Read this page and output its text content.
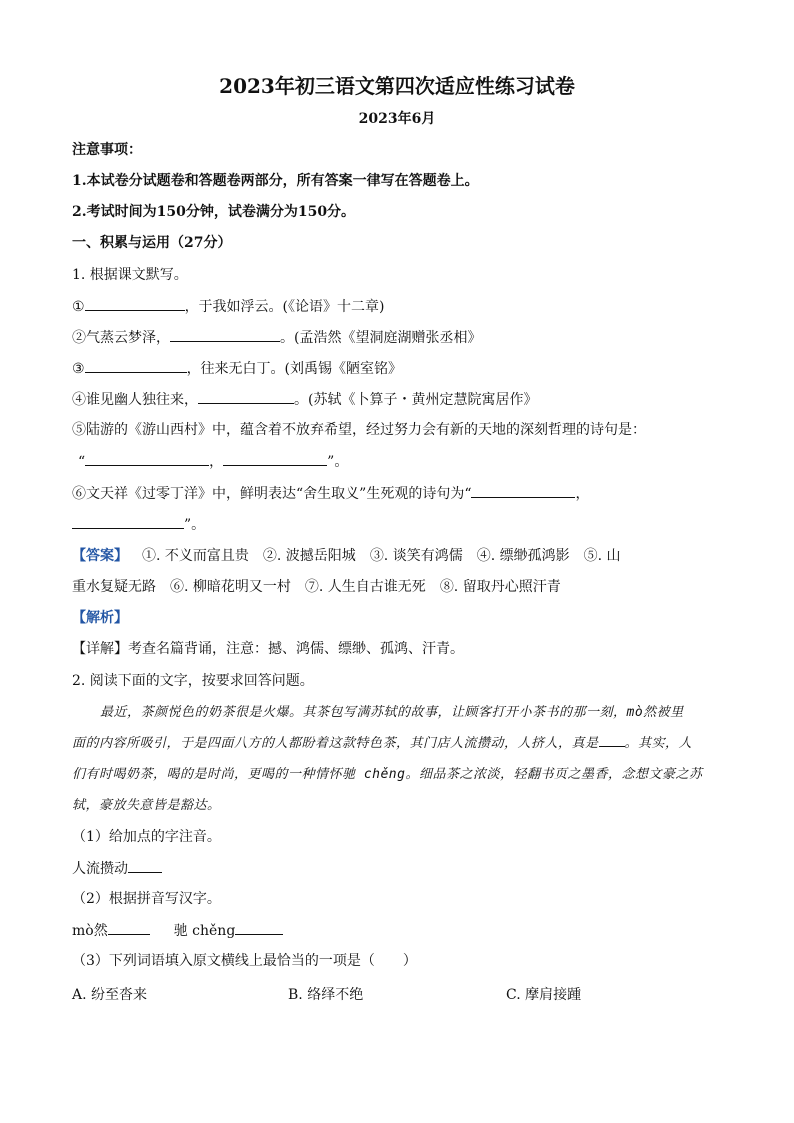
2023年初三语文第四次适应性练习试卷
2023年6月
注意事项：
1.本试卷分试题卷和答题卷两部分，所有答案一律写在答题卷上。
2.考试时间为150分钟，试卷满分为150分。
一、积累与运用（27分）
1. 根据课文默写。
①	，于我如浮云。(《论语》十二章)
②气蒸云梦泽，	。(孟浩然《望洞庭湖赠张丞相》
③	，往来无白丁。(刘禹锡《陋室铭》
④谁见幽人独往来，	。(苏轼《卜算子・黄州定慧院寓居作》
⑤陆游的《游山西村》中，蕴含着不放弃希望，经过努力会有新的天地的深刻哲理的诗句是：
“	，	”。
⑥文天祥《过零丁洋》中，鲜明表达“舍生取义”生死观的诗句为“	，
”。
【答案】 ①. 不义而富且贵 ②. 波撼岳阳城 ③. 谈笑有鸿儒 ④. 缥缈孤鸿影 ⑤. 山
重水复疑无路 ⑥. 柳暗花明又一村 ⑦. 人生自古谁无死 ⑧. 留取丹心照汗青
【解析】
【详解】考查名篇背诵，注意：撼、鸿儒、缥缈、孤鸿、汗青。
2. 阅读下面的文字，按要求回答问题。
最近，茶颜悦色的奶茶很是火爆。其茶包写满苏轼的故事，让顾客打开小茶书的那一刻，mò然被里
面的内容所吸引，于是四面八方的人都盼着这款特色茶，其门店人流攒动，人挤人，真是 。其实，人
们有时喝奶茶，喝的是时尚，更喝的一种情怀驰 chěng。细品茶之浓淡，轻翻书页之墨香，念想文豪之苏
轼，豪放失意皆是豁达。
（1）给加点的字注音。
人流攒动
（2）根据拼音写汉字。
mò然	驰 chěng
（3）下列词语填入原文横线上最恰当的一项是（　　）
A. 纷至沓来	B. 络绎不绝	C. 摩肩接踵
